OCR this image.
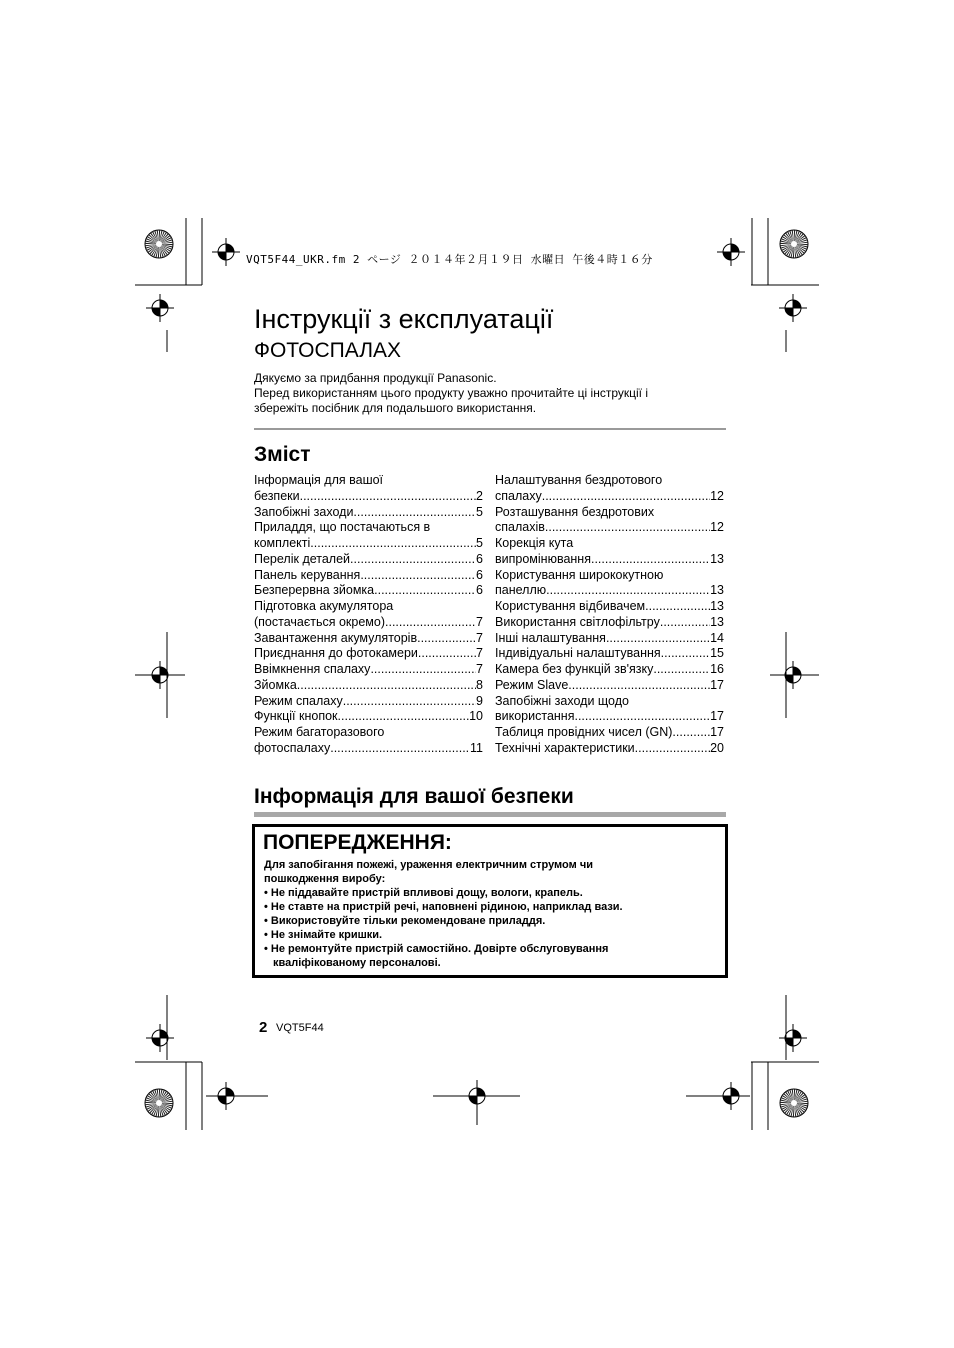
VQT5F44_UKR.fm 2 ページ ２０１４年２月１９日 水曜日 午後４時１６分
Інструкції з експлуатації
ФОТОСПАЛАХ
Дякуємо за придбання продукції Panasonic.
Перед використанням цього продукту уважно прочитайте ці інструкції і
збережіть посібник для подальшого використання.
Зміст
Інформація для вашої
безпеки .....	2
Запобіжні заходи .....	5
Приладдя, що постачаються в
комплекті .....	5
Перелік деталей .....	6
Панель керування .....	6
Безперервна зйомка .....	6
Підготовка акумулятора
(постачається окремо) .....	7
Завантаження акумуляторів .....	7
Приєднання до фотокамери .....	7
Ввімкнення спалаху .....	7
Зйомка .....	8
Режим спалаху .....	9
Функції кнопок .....	10
Режим багаторазового
фотоспалаху .....	11
Налаштування бездротового
спалаху .....	12
Розташування бездротових
спалахів .....	12
Корекція кута
випромінювання .....	13
Користування ширококутною
панеллю .....	13
Користування відбивачем .....	13
Використання світлофільтру .....	13
Інші налаштування .....	14
Індивідуальні налаштування .....	15
Камера без функцій зв'язку .....	16
Режим Slave .....	17
Запобіжні заходи щодо
використання .....	17
Таблиця провідних чисел (GN) .....	17
Технічні характеристики .....	20
Інформація для вашої безпеки
ПОПЕРЕДЖЕННЯ:
Для запобігання пожежі, ураження електричним струмом чи
пошкодження виробу:
• Не піддавайте пристрій впливові дощу, вологи, крапель.
• Не ставте на пристрій речі, наповнені рідиною, наприклад вази.
• Використовуйте тільки рекомендоване приладдя.
• Не знімайте кришки.
• Не ремонтуйте пристрій самостійно. Довірте обслуговування
кваліфікованому персоналові.
2 VQT5F44
